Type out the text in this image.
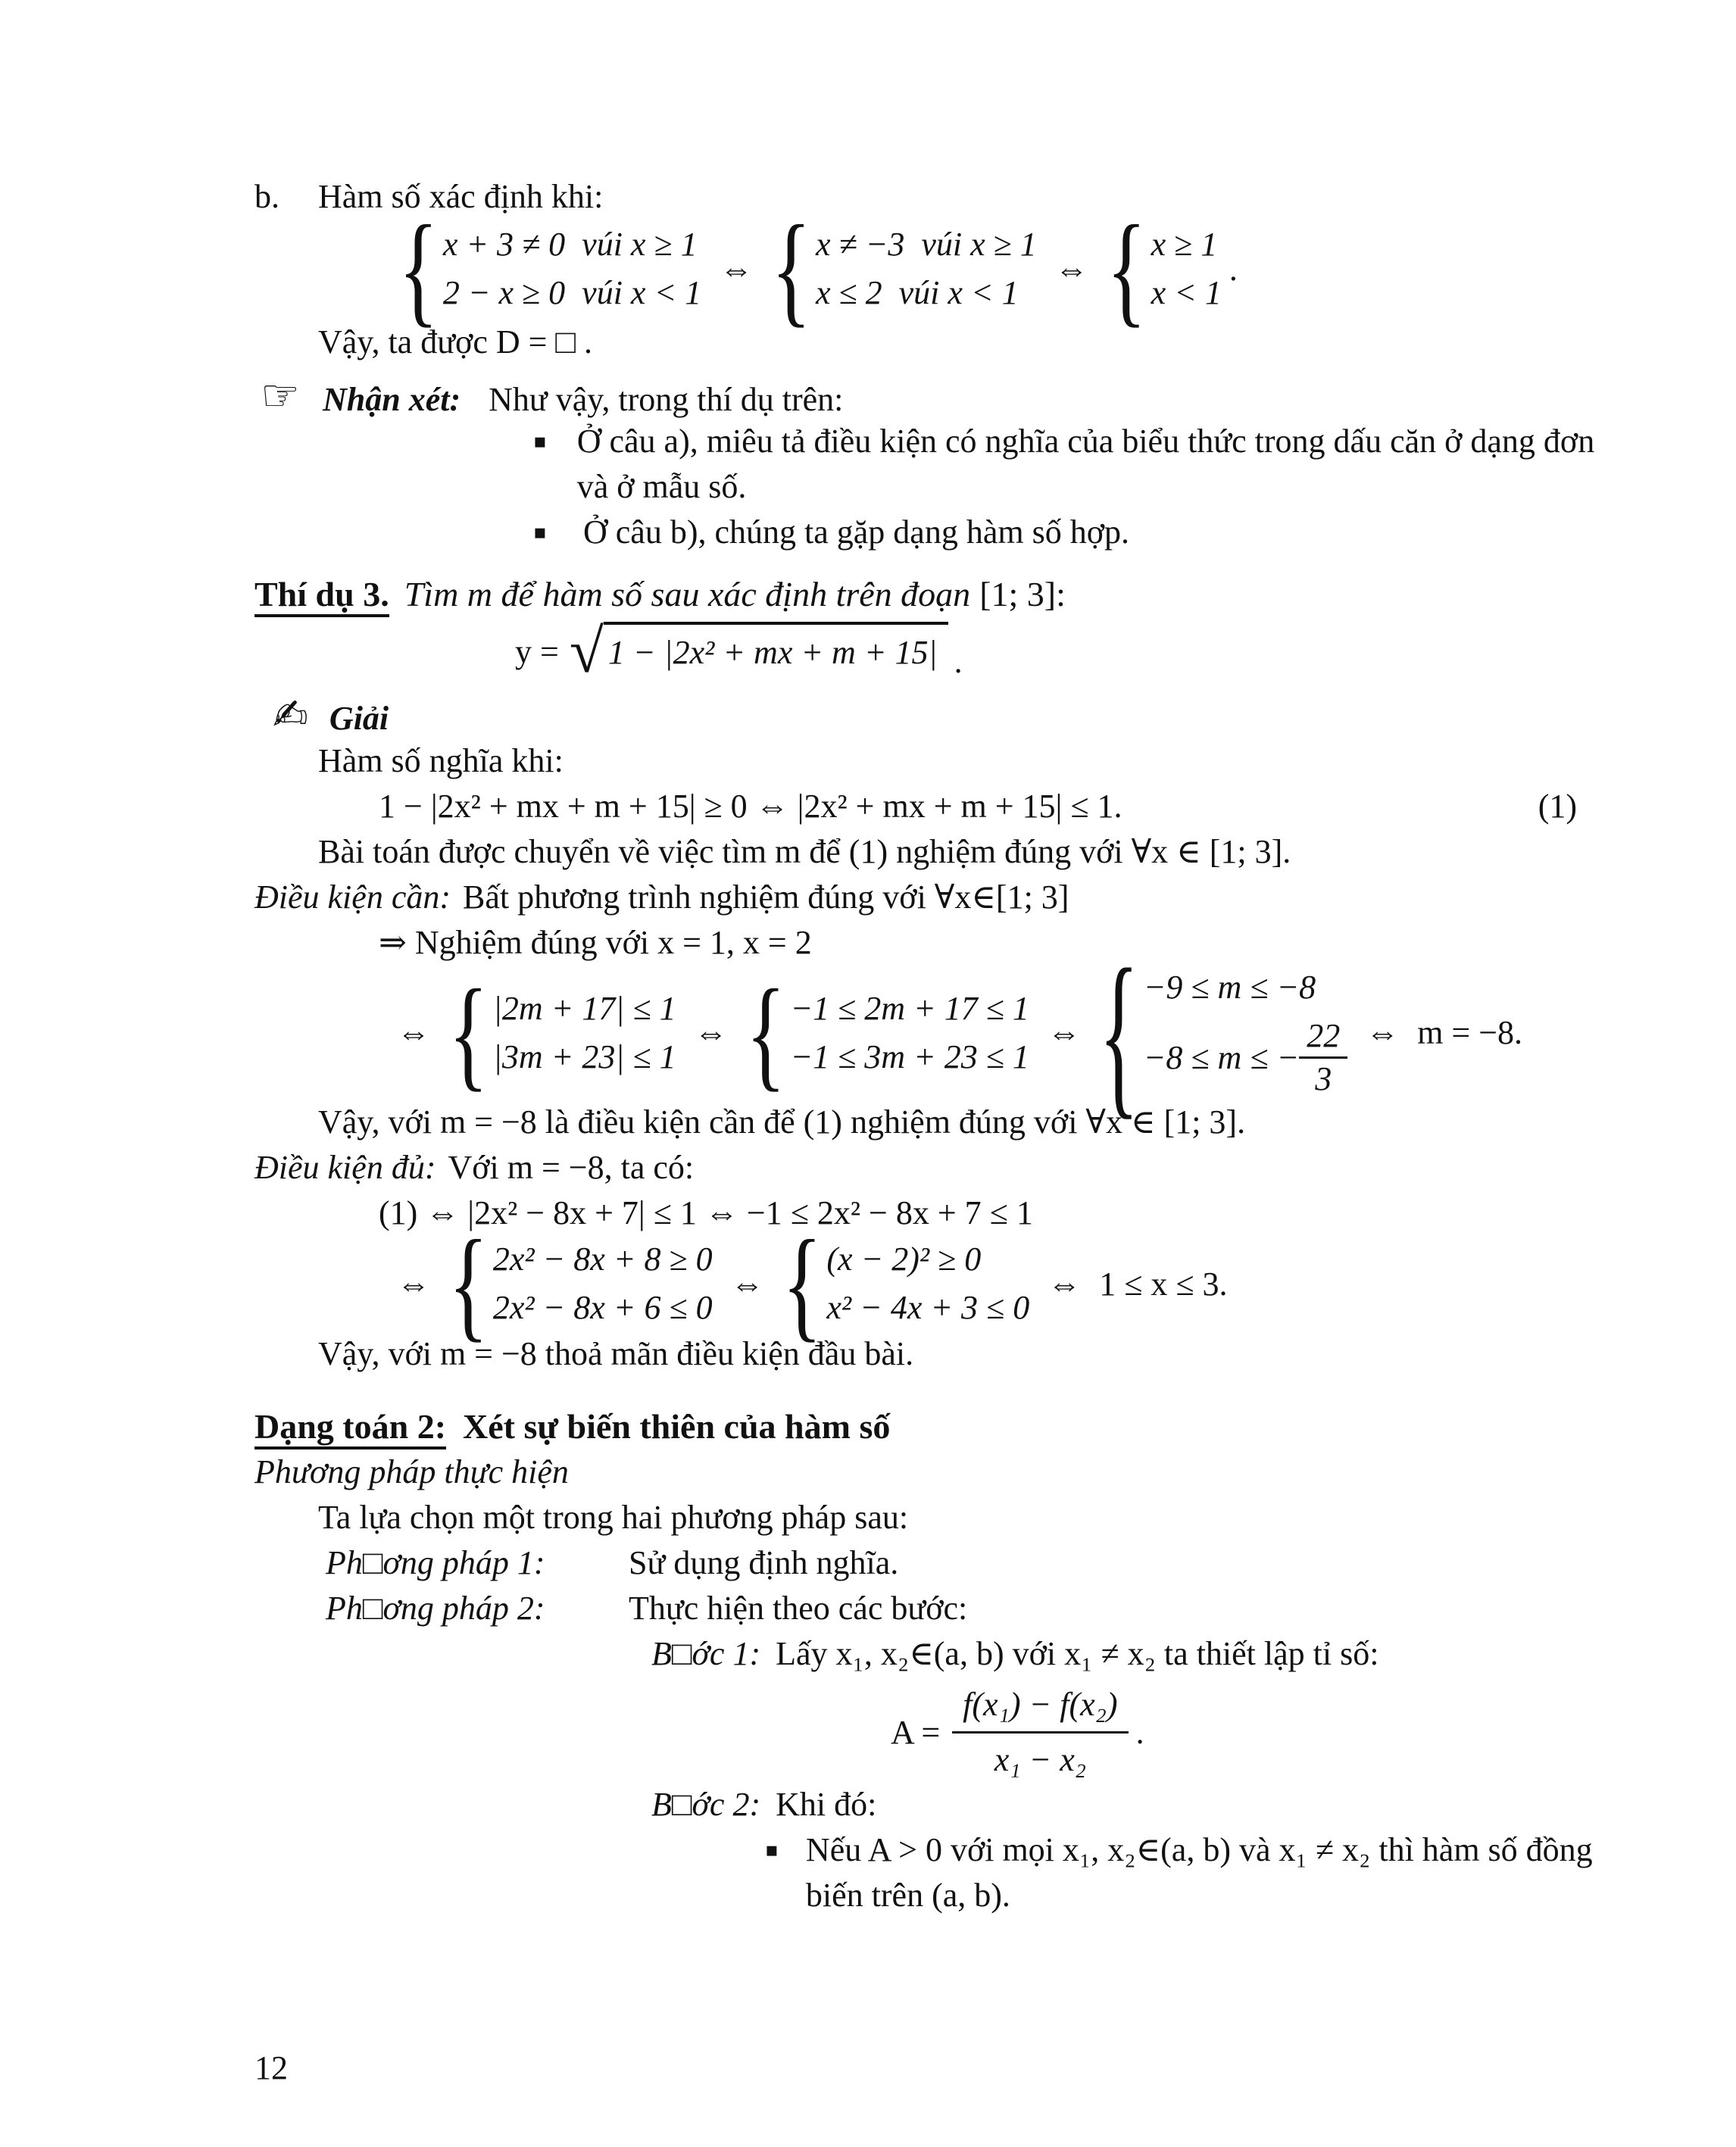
b. Hàm số xác định khi:
{ x + 3 ≠ 0  vúi x ≥ 1
2 − x ≥ 0  vúi x < 1
⇔ { x ≠ −3  vúi x ≥ 1
x ≤ 2  vúi x < 1
⇔ { x ≥ 1
x < 1
.
Vậy, ta được D = □ .
☞ Nhận xét: Như vậy, trong thí dụ trên:
▪ Ở câu a), miêu tả điều kiện có nghĩa của biểu thức trong dấu căn ở dạng đơn và ở mẫu số.
▪	Ở câu b), chúng ta gặp dạng hàm số hợp.
Thí dụ 3. Tìm m để hàm số sau xác định trên đoạn [1; 3]:
y = √ 1 − |2x² + mx + m + 15| .
✍ Giải
Hàm số nghĩa khi:
1 − |2x² + mx + m + 15| ≥ 0 ⇔ |2x² + mx + m + 15| ≤ 1.	(1)
Bài toán được chuyển về việc tìm m để (1) nghiệm đúng với ∀x ∈ [1; 3].
Điều kiện cần: Bất phương trình nghiệm đúng với ∀x∈[1; 3]
⇒ Nghiệm đúng với x = 1, x = 2
⇔ { |2m + 17| ≤ 1
|3m + 23| ≤ 1
⇔ { −1 ≤ 2m + 17 ≤ 1
−1 ≤ 3m + 23 ≤ 1
⇔ { −9 ≤ m ≤ −8
−8 ≤ m ≤ − $\frac{22}{3}$ ⇔ m = −8.
Vậy, với m = −8 là điều kiện cần để (1) nghiệm đúng với ∀x ∈ [1; 3].
Điều kiện đủ: Với m = −8, ta có:
(1) ⇔ |2x² − 8x + 7| ≤ 1 ⇔ −1 ≤ 2x² − 8x + 7 ≤ 1
⇔ { 2x² − 8x + 8 ≥ 0
2x² − 8x + 6 ≤ 0
⇔ { (x − 2)² ≥ 0
x² − 4x + 3 ≤ 0
⇔ 1 ≤ x ≤ 3.
Vậy, với m = −8 thoả mãn điều kiện đầu bài.
Dạng toán 2: Xét sự biến thiên của hàm số
Phương pháp thực hiện
Ta lựa chọn một trong hai phương pháp sau:
Ph□ơng pháp 1:	Sử dụng định nghĩa.
Ph□ơng pháp 2:	Thực hiện theo các bước:
B□ớc 1: Lấy x₁, x₂∈(a, b) với x₁ ≠ x₂ ta thiết lập tỉ số:
$A = \frac{\text{f(x₁) − f(x₂)}}{\text{x₁ − x₂}}$ .
B□ớc 2: Khi đó:
▪ Nếu A > 0 với mọi x₁, x₂∈(a, b) và x₁ ≠ x₂ thì hàm số đồng biến trên (a, b).
12
